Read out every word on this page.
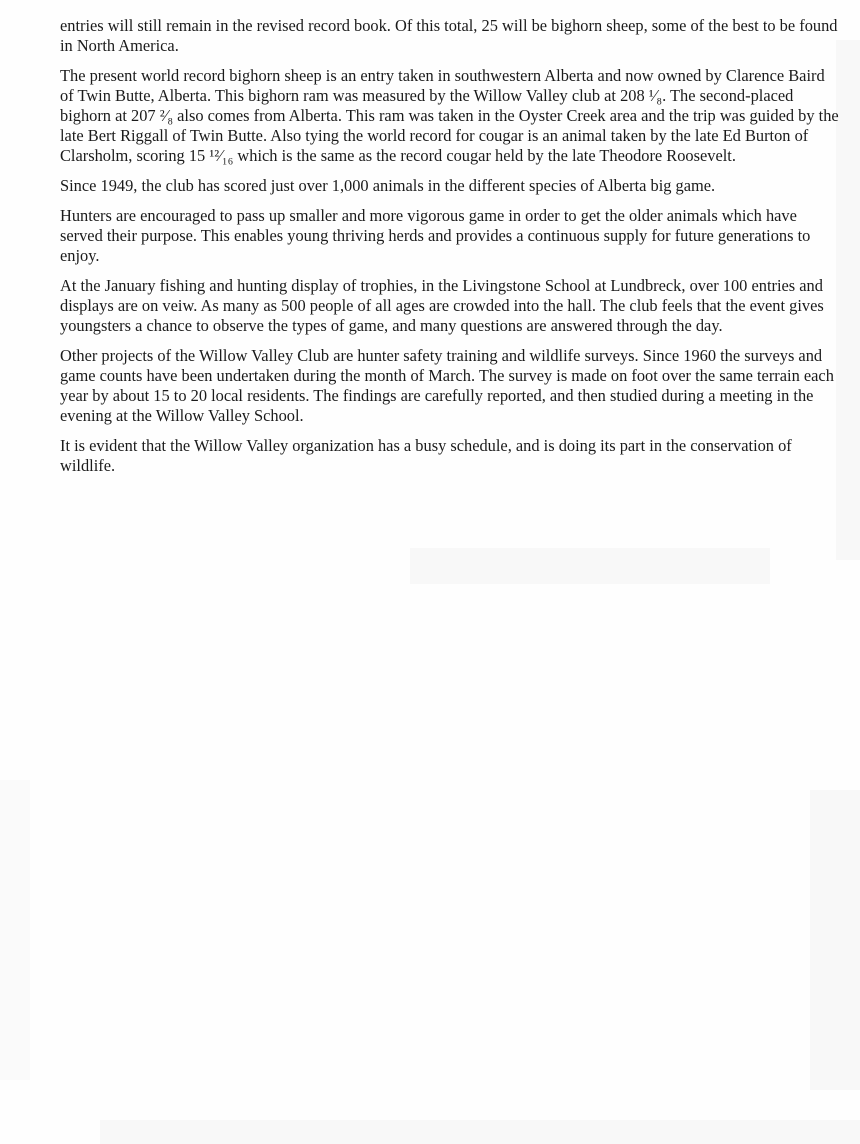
entries will still remain in the revised record book. Of this total, 25 will be bighorn sheep, some of the best to be found in North America.

The present world record bighorn sheep is an entry taken in southwestern Alberta and now owned by Clarence Baird of Twin Butte, Alberta. This bighorn ram was measured by the Willow Valley club at 208 ¹⁄₈. The second-placed bighorn at 207 ²⁄₈ also comes from Alberta. This ram was taken in the Oyster Creek area and the trip was guided by the late Bert Riggall of Twin Butte. Also tying the world record for cougar is an animal taken by the late Ed Burton of Clarsholm, scoring 15 ¹²⁄₁₆ which is the same as the record cougar held by the late Theodore Roosevelt.

Since 1949, the club has scored just over 1,000 animals in the different species of Alberta big game.

Hunters are encouraged to pass up smaller and more vigorous game in order to get the older animals which have served their purpose. This enables young thriving herds and provides a continuous supply for future generations to enjoy.

At the January fishing and hunting display of trophies, in the Livingstone School at Lundbreck, over 100 entries and displays are on veiw. As many as 500 people of all ages are crowded into the hall. The club feels that the event gives youngsters a chance to observe the types of game, and many questions are answered through the day.

Other projects of the Willow Valley Club are hunter safety training and wildlife surveys. Since 1960 the surveys and game counts have been undertaken during the month of March. The survey is made on foot over the same terrain each year by about 15 to 20 local residents. The findings are carefully reported, and then studied during a meeting in the evening at the Willow Valley School.

It is evident that the Willow Valley organization has a busy schedule, and is doing its part in the conservation of wildlife.
